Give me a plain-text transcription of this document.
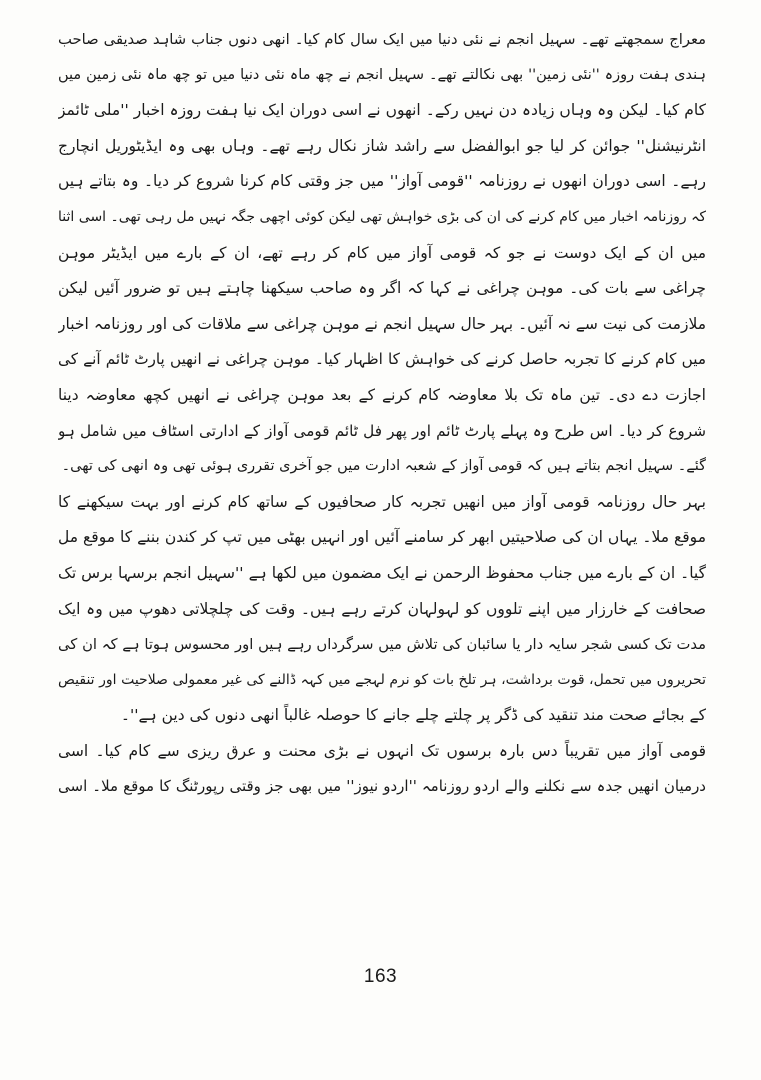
معراج سمجھتے تھے۔ سہیل انجم نے نئی دنیا میں ایک سال کام کیا۔ انھی دنوں جناب شاہد صدیقی صاحب
ہندی ہفت روزہ ''نئی زمین'' بھی نکالتے تھے۔ سہیل انجم نے چھ ماہ نئی دنیا میں تو چھ ماہ نئی زمین میں
کام کیا۔ لیکن وہ وہاں زیادہ دن نہیں رکے۔ انھوں نے اسی دوران ایک نیا ہفت روزہ اخبار ''ملی ٹائمز
انٹرنیشنل'' جوائن کر لیا جو ابوالفضل سے راشد شاز نکال رہے تھے۔ وہاں بھی وہ ایڈیٹوریل انچارج
رہے۔ اسی دوران انھوں نے روزنامہ ''قومی آواز'' میں جز وقتی کام کرنا شروع کر دیا۔ وہ بتاتے ہیں
کہ روزنامہ اخبار میں کام کرنے کی ان کی بڑی خواہش تھی لیکن کوئی اچھی جگہ نہیں مل رہی تھی۔ اسی اثنا
میں ان کے ایک دوست نے جو کہ قومی آواز میں کام کر رہے تھے، ان کے بارے میں ایڈیٹر موہن
چراغی سے بات کی۔ موہن چراغی نے کہا کہ اگر وہ صاحب سیکھنا چاہتے ہیں تو ضرور آئیں لیکن
ملازمت کی نیت سے نہ آئیں۔ بہر حال سہیل انجم نے موہن چراغی سے ملاقات کی اور روزنامہ اخبار
میں کام کرنے کا تجربہ حاصل کرنے کی خواہش کا اظہار کیا۔ موہن چراغی نے انھیں پارٹ ٹائم آنے کی
اجازت دے دی۔ تین ماہ تک بلا معاوضہ کام کرنے کے بعد موہن چراغی نے انھیں کچھ معاوضہ دینا
شروع کر دیا۔ اس طرح وہ پہلے پارٹ ٹائم اور پھر فل ٹائم قومی آواز کے ادارتی اسٹاف میں شامل ہو
گئے۔ سہیل انجم بتاتے ہیں کہ قومی آواز کے شعبہ ادارت میں جو آخری تقرری ہوئی تھی وہ انھی کی تھی۔
بہر حال روزنامہ قومی آواز میں انھیں تجربہ کار صحافیوں کے ساتھ کام کرنے اور بہت سیکھنے کا
موقع ملا۔ یہاں ان کی صلاحیتیں ابھر کر سامنے آئیں اور انہیں بھٹی میں تپ کر کندن بننے کا موقع مل
گیا۔ ان کے بارے میں جناب محفوظ الرحمن نے ایک مضمون میں لکھا ہے ''سہیل انجم برسہا برس تک
صحافت کے خارزار میں اپنے تلووں کو لہولہان کرتے رہے ہیں۔ وقت کی چلچلاتی دھوپ میں وہ ایک
مدت تک کسی شجر سایہ دار یا سائبان کی تلاش میں سرگرداں رہے ہیں اور محسوس ہوتا ہے کہ ان کی
تحریروں میں تحمل، قوت برداشت، ہر تلخ بات کو نرم لہجے میں کہہ ڈالنے کی غیر معمولی صلاحیت اور تنقیص
کے بجائے صحت مند تنقید کی ڈگر پر چلتے چلے جانے کا حوصلہ غالباً انھی دنوں کی دین ہے''۔
قومی آواز میں تقریباً دس بارہ برسوں تک انہوں نے بڑی محنت و عرق ریزی سے کام کیا۔ اسی
درمیان انھیں جدہ سے نکلنے والے اردو روزنامہ ''اردو نیوز'' میں بھی جز وقتی رپورٹنگ کا موقع ملا۔ اسی
163
